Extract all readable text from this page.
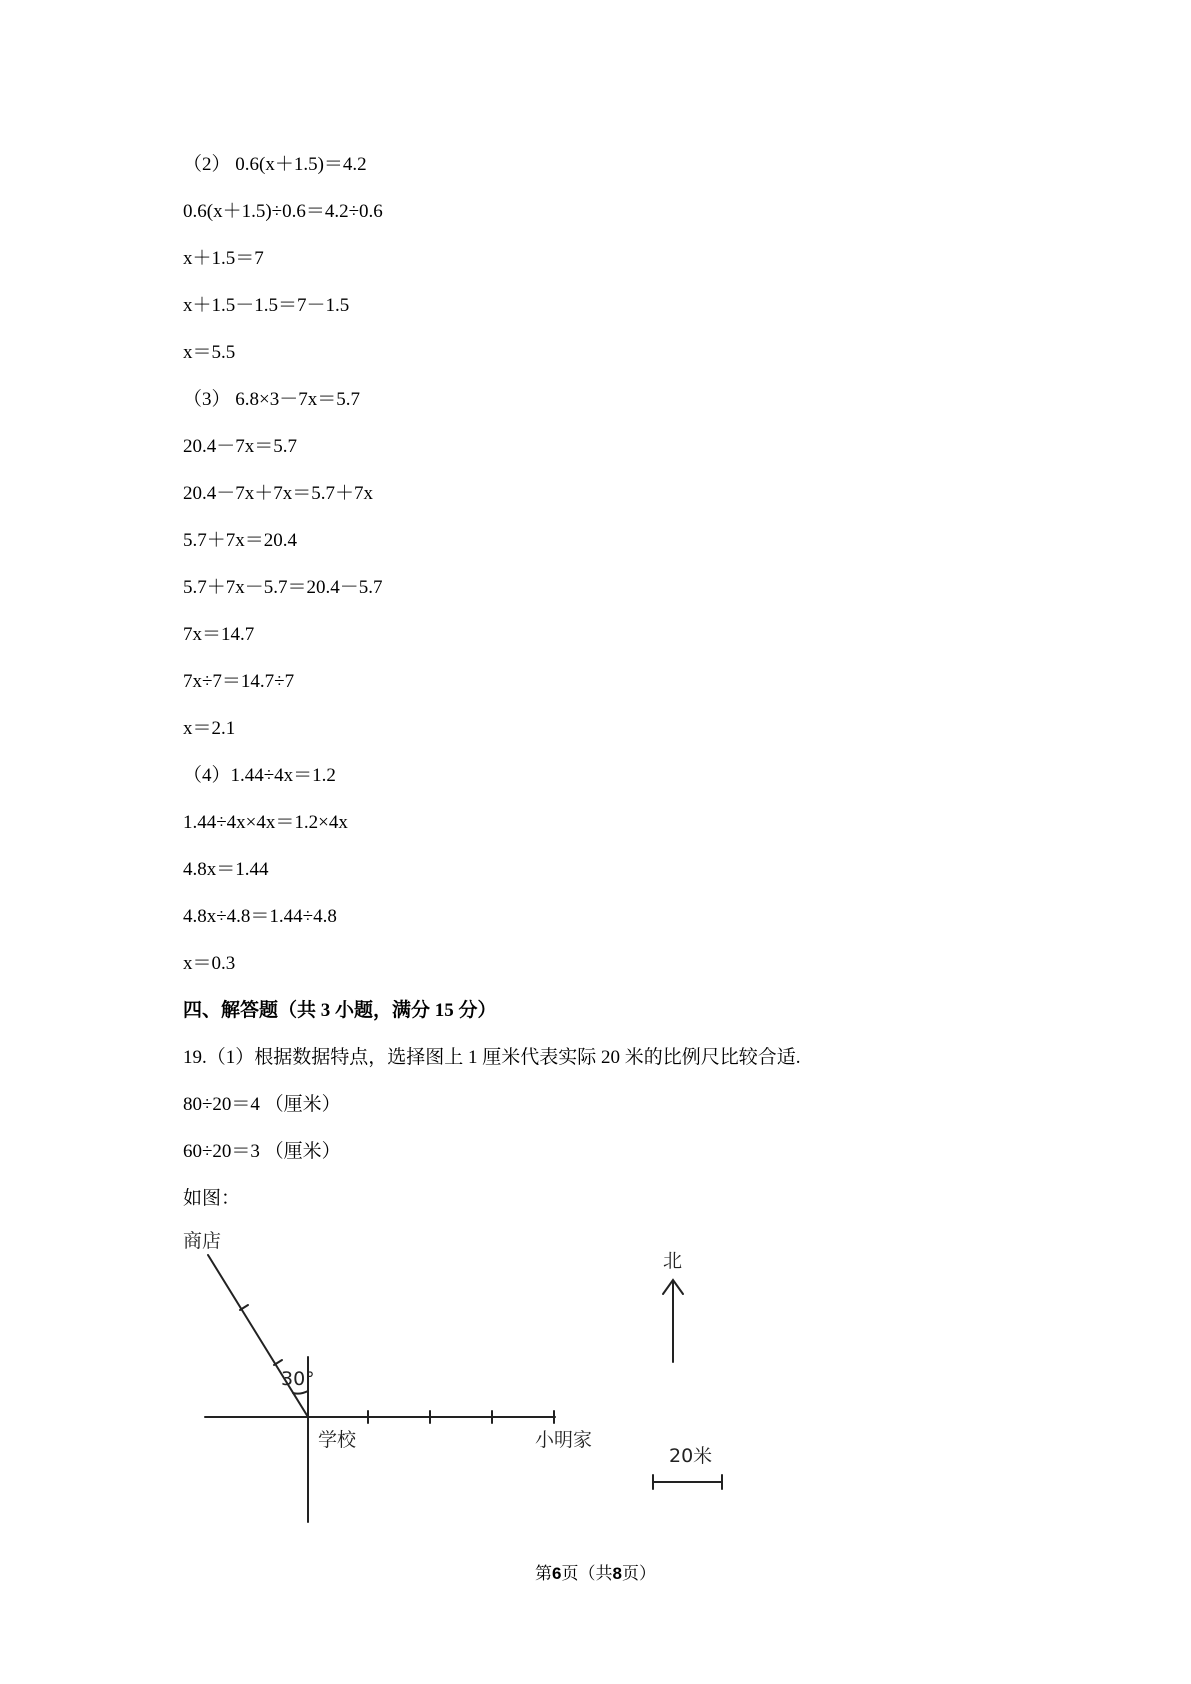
（2） 0.6(x＋1.5)＝4.2
0.6(x＋1.5)÷0.6＝4.2÷0.6
x＋1.5＝7
x＋1.5－1.5＝7－1.5
x＝5.5
（3） 6.8×3－7x＝5.7
20.4－7x＝5.7
20.4－7x＋7x＝5.7＋7x
5.7＋7x＝20.4
5.7＋7x－5.7＝20.4－5.7
7x＝14.7
7x÷7＝14.7÷7
x＝2.1
（4）1.44÷4x＝1.2
1.44÷4x×4x＝1.2×4x
4.8x＝1.44
4.8x÷4.8＝1.44÷4.8
x＝0.3
四、解答题（共 3 小题，满分 15 分）
19.（1）根据数据特点，选择图上 1 厘米代表实际 20 米的比例尺比较合适.
80÷20＝4 （厘米）
60÷20＝3 （厘米）
如图：
商店
30°
学校	小明家
北
20米
第6页（共8页）
